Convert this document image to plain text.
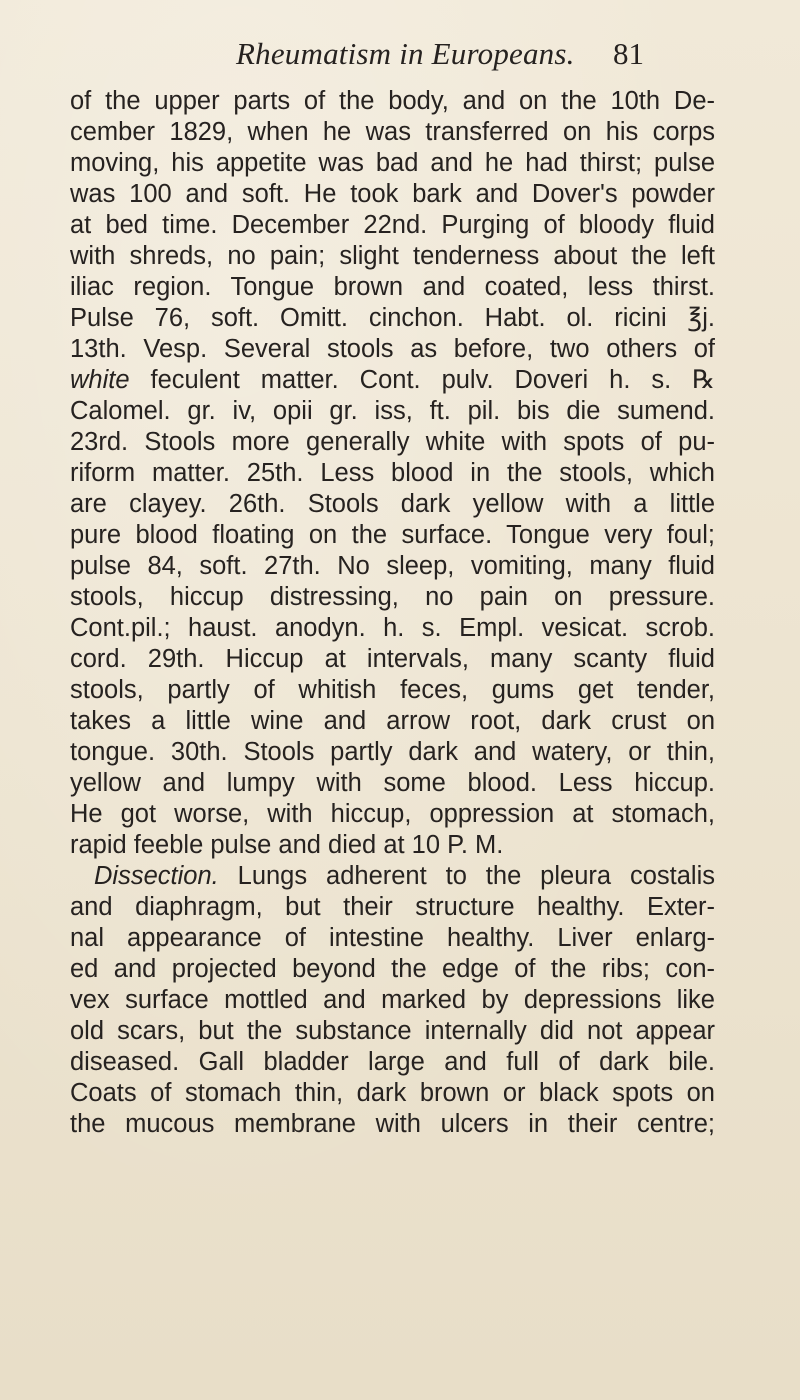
Rheumatism in Europeans. 81
of the upper parts of the body, and on the 10th De-
cember 1829, when he was transferred on his corps
moving, his appetite was bad and he had thirst; pulse
was 100 and soft. He took bark and Dover's powder
at bed time. December 22nd. Purging of bloody fluid
with shreds, no pain; slight tenderness about the left
iliac region. Tongue brown and coated, less thirst.
Pulse 76, soft. Omitt. cinchon. Habt. ol. ricini ℥j.
13th. Vesp. Several stools as before, two others of
white feculent matter. Cont. pulv. Doveri h. s. ℞
Calomel. gr. iv, opii gr. iss, ft. pil. bis die sumend.
23rd. Stools more generally white with spots of pu-
riform matter. 25th. Less blood in the stools, which
are clayey. 26th. Stools dark yellow with a little
pure blood floating on the surface. Tongue very foul;
pulse 84, soft. 27th. No sleep, vomiting, many fluid
stools, hiccup distressing, no pain on pressure.
Cont.pil.; haust. anodyn. h. s. Empl. vesicat. scrob.
cord. 29th. Hiccup at intervals, many scanty fluid
stools, partly of whitish feces, gums get tender,
takes a little wine and arrow root, dark crust on
tongue. 30th. Stools partly dark and watery, or thin,
yellow and lumpy with some blood. Less hiccup.
He got worse, with hiccup, oppression at stomach,
rapid feeble pulse and died at 10 P. M.
Dissection. Lungs adherent to the pleura costalis
and diaphragm, but their structure healthy. Exter-
nal appearance of intestine healthy. Liver enlarg-
ed and projected beyond the edge of the ribs; con-
vex surface mottled and marked by depressions like
old scars, but the substance internally did not appear
diseased. Gall bladder large and full of dark bile.
Coats of stomach thin, dark brown or black spots on
the mucous membrane with ulcers in their centre;
